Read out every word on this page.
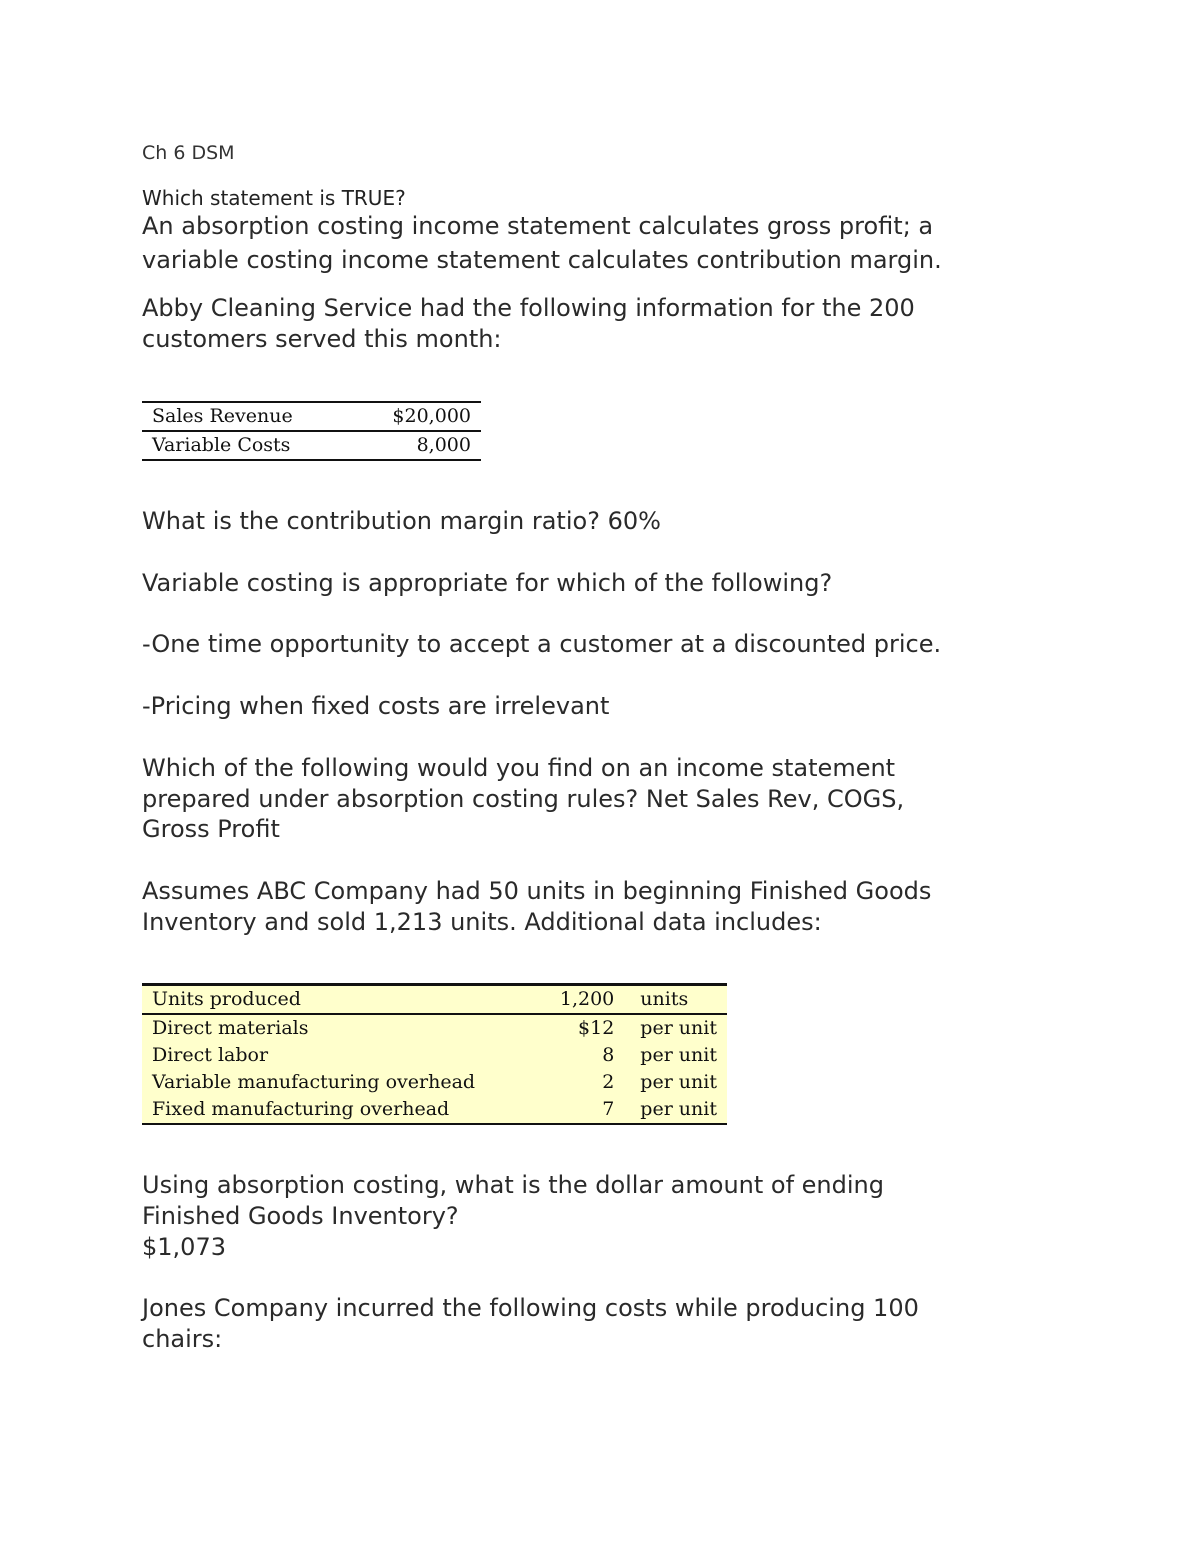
Ch 6 DSM

Which statement is TRUE?

An absorption costing income statement calculates gross profit; a

variable costing income statement calculates contribution margin.

Abby Cleaning Service had the following information for the 200

customers served this month:

Sales Revenue	$20,000
Variable Costs	8,000

What is the contribution margin ratio? 60%

Variable costing is appropriate for which of the following?

-One time opportunity to accept a customer at a discounted price.

-Pricing when fixed costs are irrelevant

Which of the following would you find on an income statement

prepared under absorption costing rules? Net Sales Rev, COGS,

Gross Profit

Assumes ABC Company had 50 units in beginning Finished Goods

Inventory and sold 1,213 units. Additional data includes:

Units produced	1,200	units
Direct materials	$12	per unit
Direct labor	8	per unit
Variable manufacturing overhead	2	per unit
Fixed manufacturing overhead	7	per unit

Using absorption costing, what is the dollar amount of ending

Finished Goods Inventory?

$1,073

Jones Company incurred the following costs while producing 100

chairs:
